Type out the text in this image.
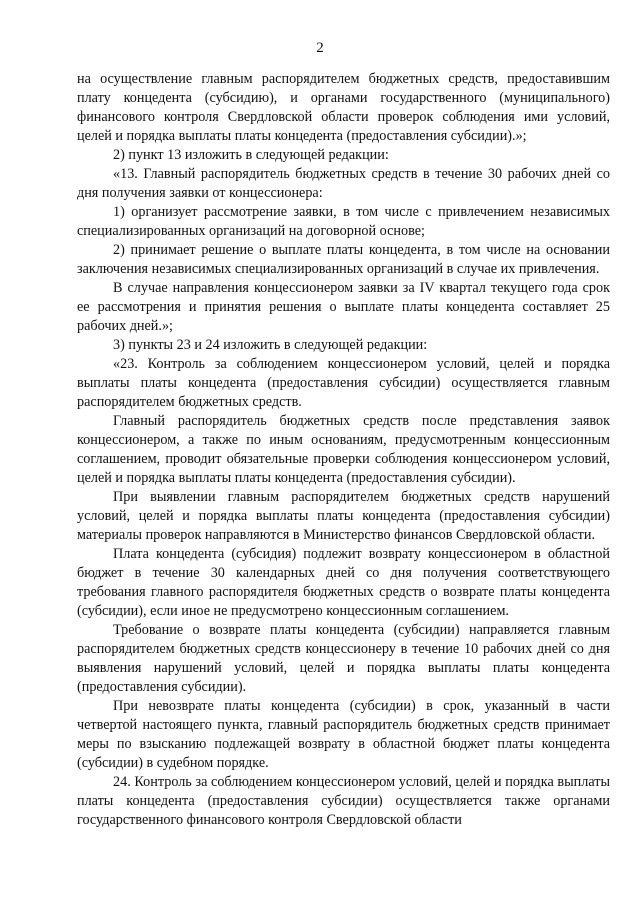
2

на осуществление главным распорядителем бюджетных средств, предоставившим плату концедента (субсидию), и органами государственного (муниципального) финансового контроля Свердловской области проверок соблюдения ими условий, целей и порядка выплаты платы концедента (предоставления субсидии).»;

2) пункт 13 изложить в следующей редакции:

«13. Главный распорядитель бюджетных средств в течение 30 рабочих дней со дня получения заявки от концессионера:

1) организует рассмотрение заявки, в том числе с привлечением независимых специализированных организаций на договорной основе;

2) принимает решение о выплате платы концедента, в том числе на основании заключения независимых специализированных организаций в случае их привлечения.

В случае направления концессионером заявки за IV квартал текущего года срок ее рассмотрения и принятия решения о выплате платы концедента составляет 25 рабочих дней.»;

3) пункты 23 и 24 изложить в следующей редакции:

«23. Контроль за соблюдением концессионером условий, целей и порядка выплаты платы концедента (предоставления субсидии) осуществляется главным распорядителем бюджетных средств.

Главный распорядитель бюджетных средств после представления заявок концессионером, а также по иным основаниям, предусмотренным концессионным соглашением, проводит обязательные проверки соблюдения концессионером условий, целей и порядка выплаты платы концедента (предоставления субсидии).

При выявлении главным распорядителем бюджетных средств нарушений условий, целей и порядка выплаты платы концедента (предоставления субсидии) материалы проверок направляются в Министерство финансов Свердловской области.

Плата концедента (субсидия) подлежит возврату концессионером в областной бюджет в течение 30 календарных дней со дня получения соответствующего требования главного распорядителя бюджетных средств о возврате платы концедента (субсидии), если иное не предусмотрено концессионным соглашением.

Требование о возврате платы концедента (субсидии) направляется главным распорядителем бюджетных средств концессионеру в течение 10 рабочих дней со дня выявления нарушений условий, целей и порядка выплаты платы концедента (предоставления субсидии).

При невозврате платы концедента (субсидии) в срок, указанный в части четвертой настоящего пункта, главный распорядитель бюджетных средств принимает меры по взысканию подлежащей возврату в областной бюджет платы концедента (субсидии) в судебном порядке.

24. Контроль за соблюдением концессионером условий, целей и порядка выплаты платы концедента (предоставления субсидии) осуществляется также органами государственного финансового контроля Свердловской области
